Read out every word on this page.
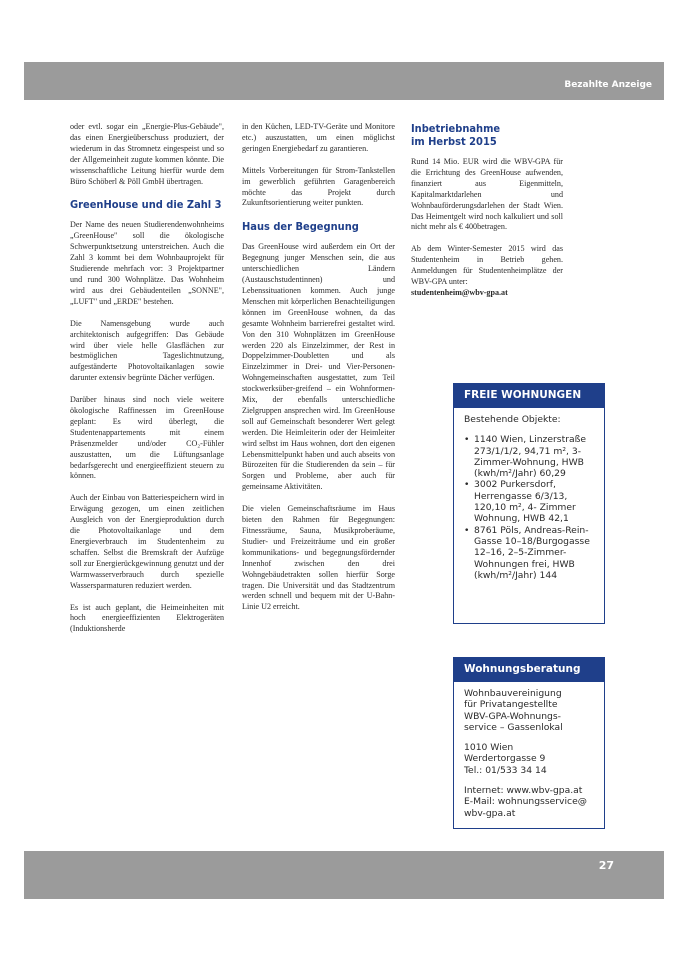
Bezahlte Anzeige

oder evtl. sogar ein „Energie-Plus-Gebäude", das einen Energieüberschuss produziert, der wiederum in das Stromnetz eingespeist und so der Allgemeinheit zugute kommen könnte. Die wissenschaftliche Leitung hierfür wurde dem Büro Schöberl & Pöll GmbH übertragen.

GreenHouse und die Zahl 3

Der Name des neuen Studierendenwohnheims „GreenHouse" soll die ökologische Schwerpunktsetzung unterstreichen. Auch die Zahl 3 kommt bei dem Wohnbauprojekt für Studierende mehrfach vor: 3 Projektpartner und rund 300 Wohnplätze. Das Wohnheim wird aus drei Gebäudenteilen „SONNE", „LUFT" und „ERDE" bestehen.

Die Namensgebung wurde auch architektonisch aufgegriffen: Das Gebäude wird über viele helle Glasflächen zur bestmöglichen Tageslichtnutzung, aufgeständerte Photovoltaikanlagen sowie darunter extensiv begrünte Dächer verfügen.

Darüber hinaus sind noch viele weitere ökologische Raffinessen im GreenHouse geplant: Es wird überlegt, die Studentenappartements mit einem Präsenzmelder und/oder CO₂-Fühler auszustatten, um die Lüftungsanlage bedarfsgerecht und energieeffizient steuern zu können.

Auch der Einbau von Batteriespeichern wird in Erwägung gezogen, um einen zeitlichen Ausgleich von der Energieproduktion durch die Photovoltaikanlage und dem Energieverbrauch im Studentenheim zu schaffen. Selbst die Bremskraft der Aufzüge soll zur Energierückgewinnung genutzt und der Warmwasserverbrauch durch spezielle Wassersparmaturen reduziert werden.

Es ist auch geplant, die Heimeinheiten mit hoch energieeffizienten Elektrogeräten (Induktionsherde

in den Küchen, LED-TV-Geräte und Monitore etc.) auszustatten, um einen möglichst geringen Energiebedarf zu garantieren.

Mittels Vorbereitungen für Strom-Tankstellen im gewerblich geführten Garagenbereich möchte das Projekt durch Zukunftsorientierung weiter punkten.

Haus der Begegnung

Das GreenHouse wird außerdem ein Ort der Begegnung junger Menschen sein, die aus unterschiedlichen Ländern (Austauschstudentinnen) und Lebenssituationen kommen. Auch junge Menschen mit körperlichen Benachteiligungen können im GreenHouse wohnen, da das gesamte Wohnheim barrierefrei gestaltet wird. Von den 310 Wohnplätzen im GreenHouse werden 220 als Einzelzimmer, der Rest in Doppelzimmer-Doubletten und als Einzelzimmer in Drei- und Vier-Personen-Wohngemeinschaften ausgestattet, zum Teil stockwerksüber-greifend – ein Wohnformen-Mix, der ebenfalls unterschiedliche Zielgruppen ansprechen wird. Im GreenHouse soll auf Gemeinschaft besonderer Wert gelegt werden. Die Heimleiterin oder der Heimleiter wird selbst im Haus wohnen, dort den eigenen Lebensmittelpunkt haben und auch abseits von Bürozeiten für die Studierenden da sein – für Sorgen und Probleme, aber auch für gemeinsame Aktivitäten.

Die vielen Gemeinschaftsräume im Haus bieten den Rahmen für Begegnungen: Fitnessräume, Sauna, Musikproberäume, Studier- und Freizeiträume und ein großer kommunikations- und begegnungsfördernder Innenhof zwischen den drei Wohngebäudetrakten sollen hierfür Sorge tragen. Die Universität und das Stadtzentrum werden schnell und bequem mit der U-Bahn-Linie U2 erreicht.

Inbetriebnahme
im Herbst 2015

Rund 14 Mio. EUR wird die WBV-GPA für die Errichtung des GreenHouse aufwenden, finanziert aus Eigenmitteln, Kapitalmarktdarlehen und Wohnbauförderungsdarlehen der Stadt Wien. Das Heimentgelt wird noch kalkuliert und soll nicht mehr als € 400betragen.

Ab dem Winter-Semester 2015 wird das Studentenheim in Betrieb gehen. Anmeldungen für Studentenheimplätze der WBV-GPA unter:

studentenheim@wbv-gpa.at
FREIE WOHNUNGEN
Bestehende Objekte:
• 1140 Wien, Linzerstraße 273/1/1/2, 94,71 m², 3-Zimmer-Wohnung, HWB (kwh/m²/Jahr) 60,29
• 3002 Purkersdorf, Herrengasse 6/3/13, 120,10 m², 4- Zimmer Wohnung, HWB 42,1
• 8761 Pöls, Andreas-Rein-Gasse 10–18/Burgogasse 12–16, 2–5-Zimmer-Wohnungen frei, HWB (kwh/m²/Jahr) 144
Wohnungsberatung
Wohnbauvereinigung
für Privatangestellte
WBV-GPA-Wohnungs-
service – Gassenlokal
1010 Wien
Werdertorgasse 9
Tel.: 01/533 34 14
Internet: www.wbv-gpa.at
E-Mail: wohnungsservice@
wbv-gpa.at
27
